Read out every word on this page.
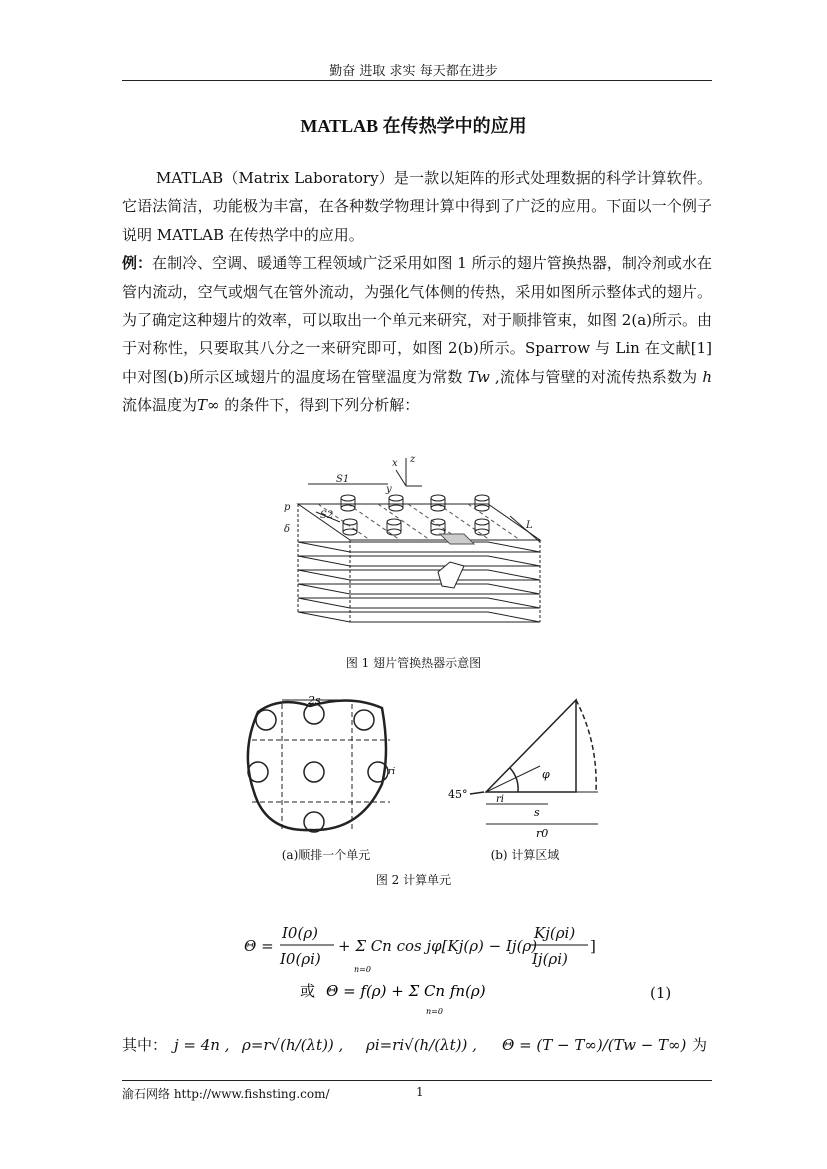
勤奋 进取 求实 每天都在进步
MATLAB 在传热学中的应用

MATLAB（Matrix Laboratory）是一款以矩阵的形式处理数据的科学计算软件。它语法简洁，功能极为丰富，在各种数学物理计算中得到了广泛的应用。下面以一个例子说明 MATLAB 在传热学中的应用。

例：在制冷、空调、暖通等工程领域广泛采用如图 1 所示的翅片管换热器，制冷剂或水在管内流动，空气或烟气在管外流动，为强化气体侧的传热，采用如图所示整体式的翅片。为了确定这种翅片的效率，可以取出一个单元来研究，对于顺排管束，如图 2(a)所示。由于对称性，只要取其八分之一来研究即可，如图 2(b)所示。Sparrow 与 Lin 在文献[1]中对图(b)所示区域翅片的温度场在管壁温度为常数 Tw ,流体与管壁的对流传热系数为 h 流体温度为T∞ 的条件下，得到下列分析解：

x z
y
S1
S2
p
δ	L
图 1 翅片管换热器示意图
2s
ri
(a)顺排一个单元
45°
φ
ri
s
r0
(b) 计算区域
图 2 计算单元
Θ =
I0(ρ)
I0(ρi)
+ Σ Cn cos jφ[Kj(ρ) − Ij(ρ)
Kj(ρi)
Ij(ρi)
]
n=0
或 Θ = f(ρ) + Σ Cn fn(ρ)
n=0
(1)
其中： j = 4n , ρ=r√(h/(λt)) , ρi=ri√(h/(λt)) , Θ = (T − T∞)/(Tw − T∞) 为
渝石网络 http://www.fishsting.com/	1
